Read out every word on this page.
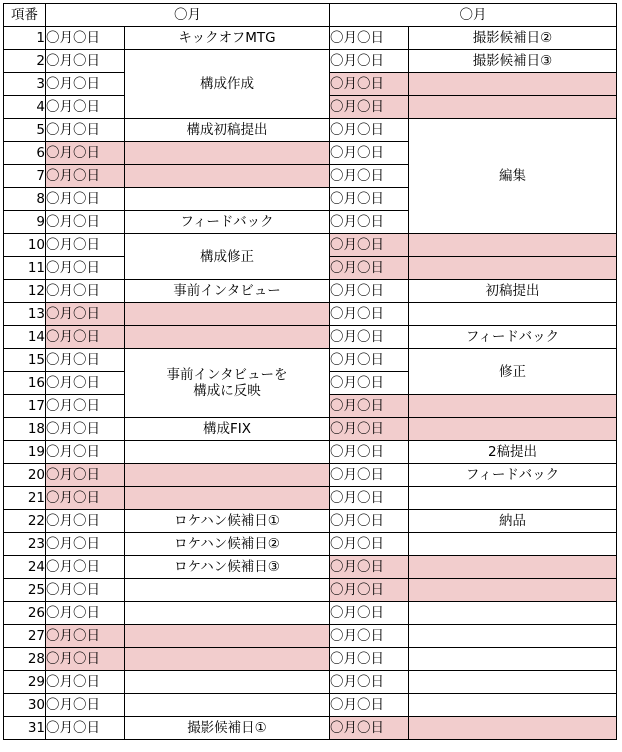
項番	〇月		〇月	
1	〇月〇日	キックオフMTG	〇月〇日	撮影候補日②
2	〇月〇日	構成作成	〇月〇日	撮影候補日③
3	〇月〇日		〇月〇日	
4	〇月〇日		〇月〇日	
5	〇月〇日	構成初稿提出	〇月〇日	編集
6	〇月〇日		〇月〇日	
7	〇月〇日		〇月〇日	
8	〇月〇日		〇月〇日	
9	〇月〇日	フィードバック	〇月〇日	
10	〇月〇日	構成修正	〇月〇日	
11	〇月〇日		〇月〇日	
12	〇月〇日	事前インタビュー	〇月〇日	初稿提出
13	〇月〇日		〇月〇日	
14	〇月〇日		〇月〇日	フィードバック
15	〇月〇日	事前インタビューを
構成に反映	〇月〇日	修正
16	〇月〇日		〇月〇日	
17	〇月〇日		〇月〇日	
18	〇月〇日	構成FIX	〇月〇日	
19	〇月〇日		〇月〇日	2稿提出
20	〇月〇日		〇月〇日	フィードバック
21	〇月〇日		〇月〇日	
22	〇月〇日	ロケハン候補日①	〇月〇日	納品
23	〇月〇日	ロケハン候補日②	〇月〇日	
24	〇月〇日	ロケハン候補日③	〇月〇日	
25	〇月〇日		〇月〇日	
26	〇月〇日		〇月〇日	
27	〇月〇日		〇月〇日	
28	〇月〇日		〇月〇日	
29	〇月〇日		〇月〇日	
30	〇月〇日		〇月〇日	
31	〇月〇日	撮影候補日①	〇月〇日	
